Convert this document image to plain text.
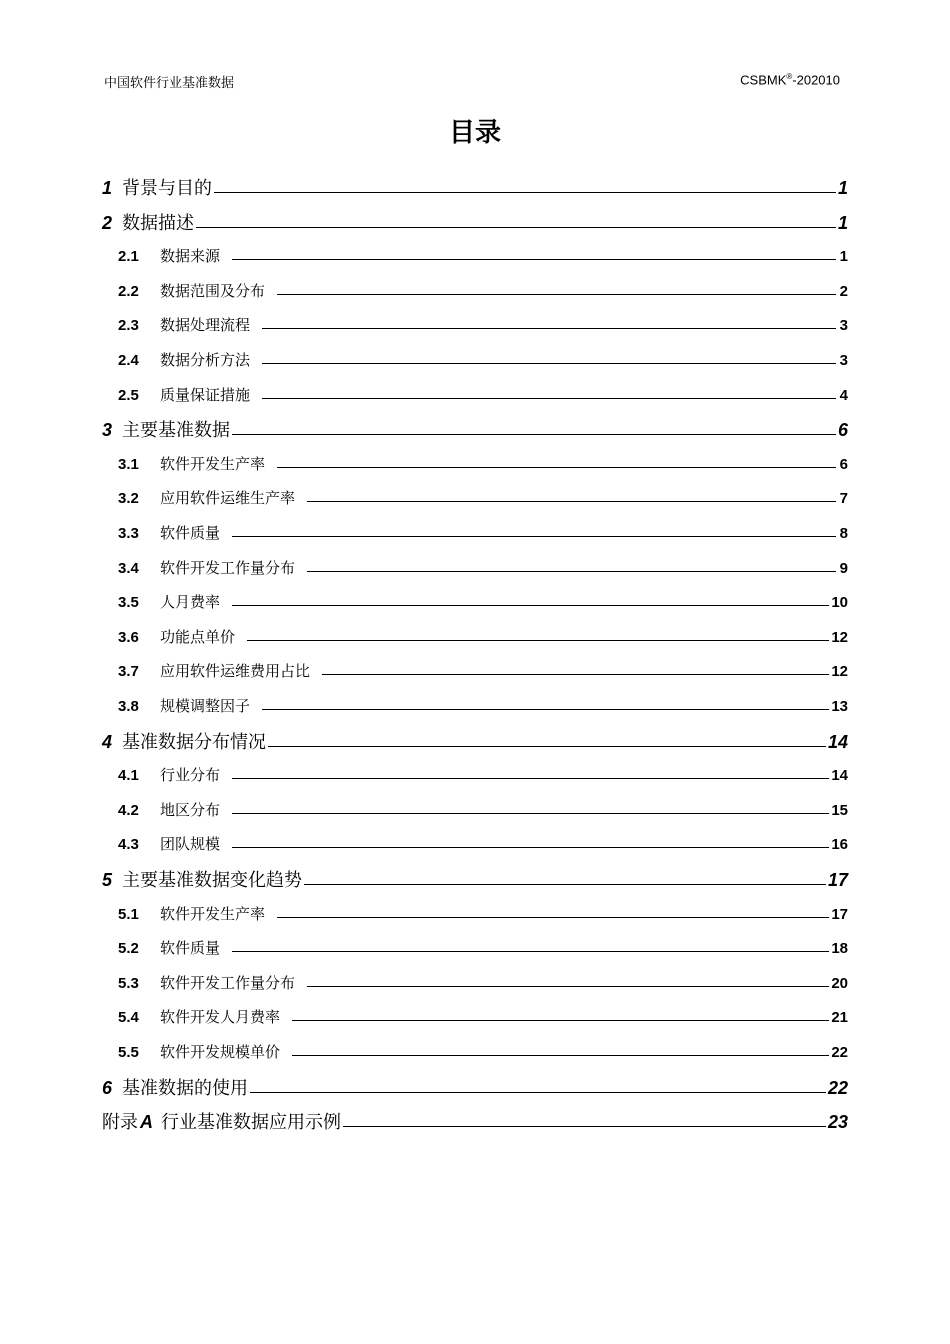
中国软件行业基准数据	CSBMK®-202010
目录
1 背景与目的	1
2 数据描述	1
2.1	数据来源	1
2.2	数据范围及分布	2
2.3	数据处理流程	3
2.4	数据分析方法	3
2.5	质量保证措施	4
3 主要基准数据	6
3.1	软件开发生产率	6
3.2	应用软件运维生产率	7
3.3	软件质量	8
3.4	软件开发工作量分布	9
3.5	人月费率	10
3.6	功能点单价	12
3.7	应用软件运维费用占比	12
3.8	规模调整因子	13
4 基准数据分布情况	14
4.1	行业分布	14
4.2	地区分布	15
4.3	团队规模	16
5 主要基准数据变化趋势	17
5.1	软件开发生产率	17
5.2	软件质量	18
5.3	软件开发工作量分布	20
5.4	软件开发人月费率	21
5.5	软件开发规模单价	22
6 基准数据的使用	22
附录 A 行业基准数据应用示例	23
